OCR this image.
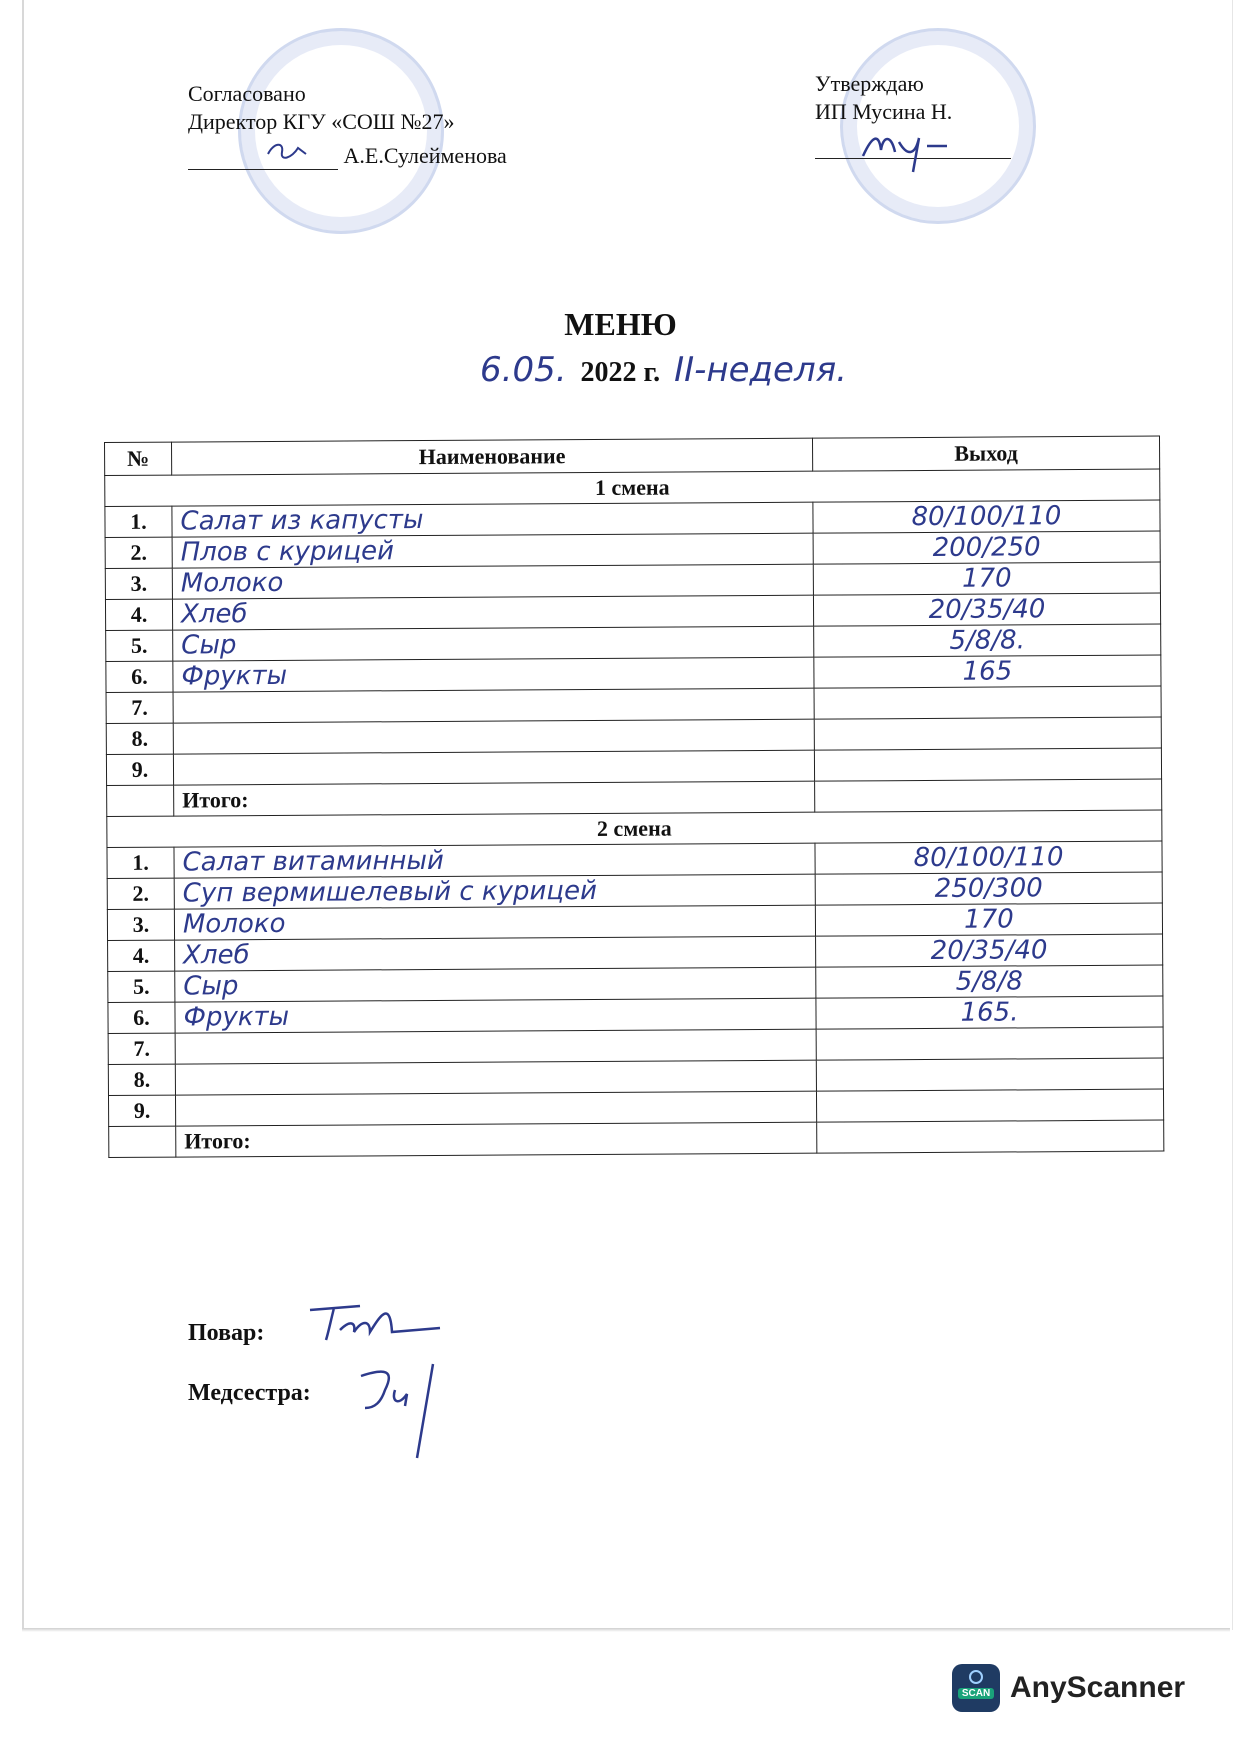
Согласовано
Директор КГУ «СОШ №27»
А.Е.Сулейменова
Утверждаю
ИП Мусина Н.
МЕНЮ
6.05. 2022 г. II-неделя.
№	Наименование	Выход
1 смена		
1.	Салат из капусты	80/100/110
2.	Плов с курицей	200/250
3.	Молоко	170
4.	Хлеб	20/35/40
5.	Сыр	5/8/8.
6.	Фрукты	165
7.		
8.		
9.		
	Итого:	
2 смена		
1.	Салат витаминный	80/100/110
2.	Суп вермишелевый с курицей	250/300
3.	Молоко	170
4.	Хлеб	20/35/40
5.	Сыр	5/8/8
6.	Фрукты	165.
7.		
8.		
9.		
	Итого:	
Повар:
Медсестра:
SCAN AnyScanner
